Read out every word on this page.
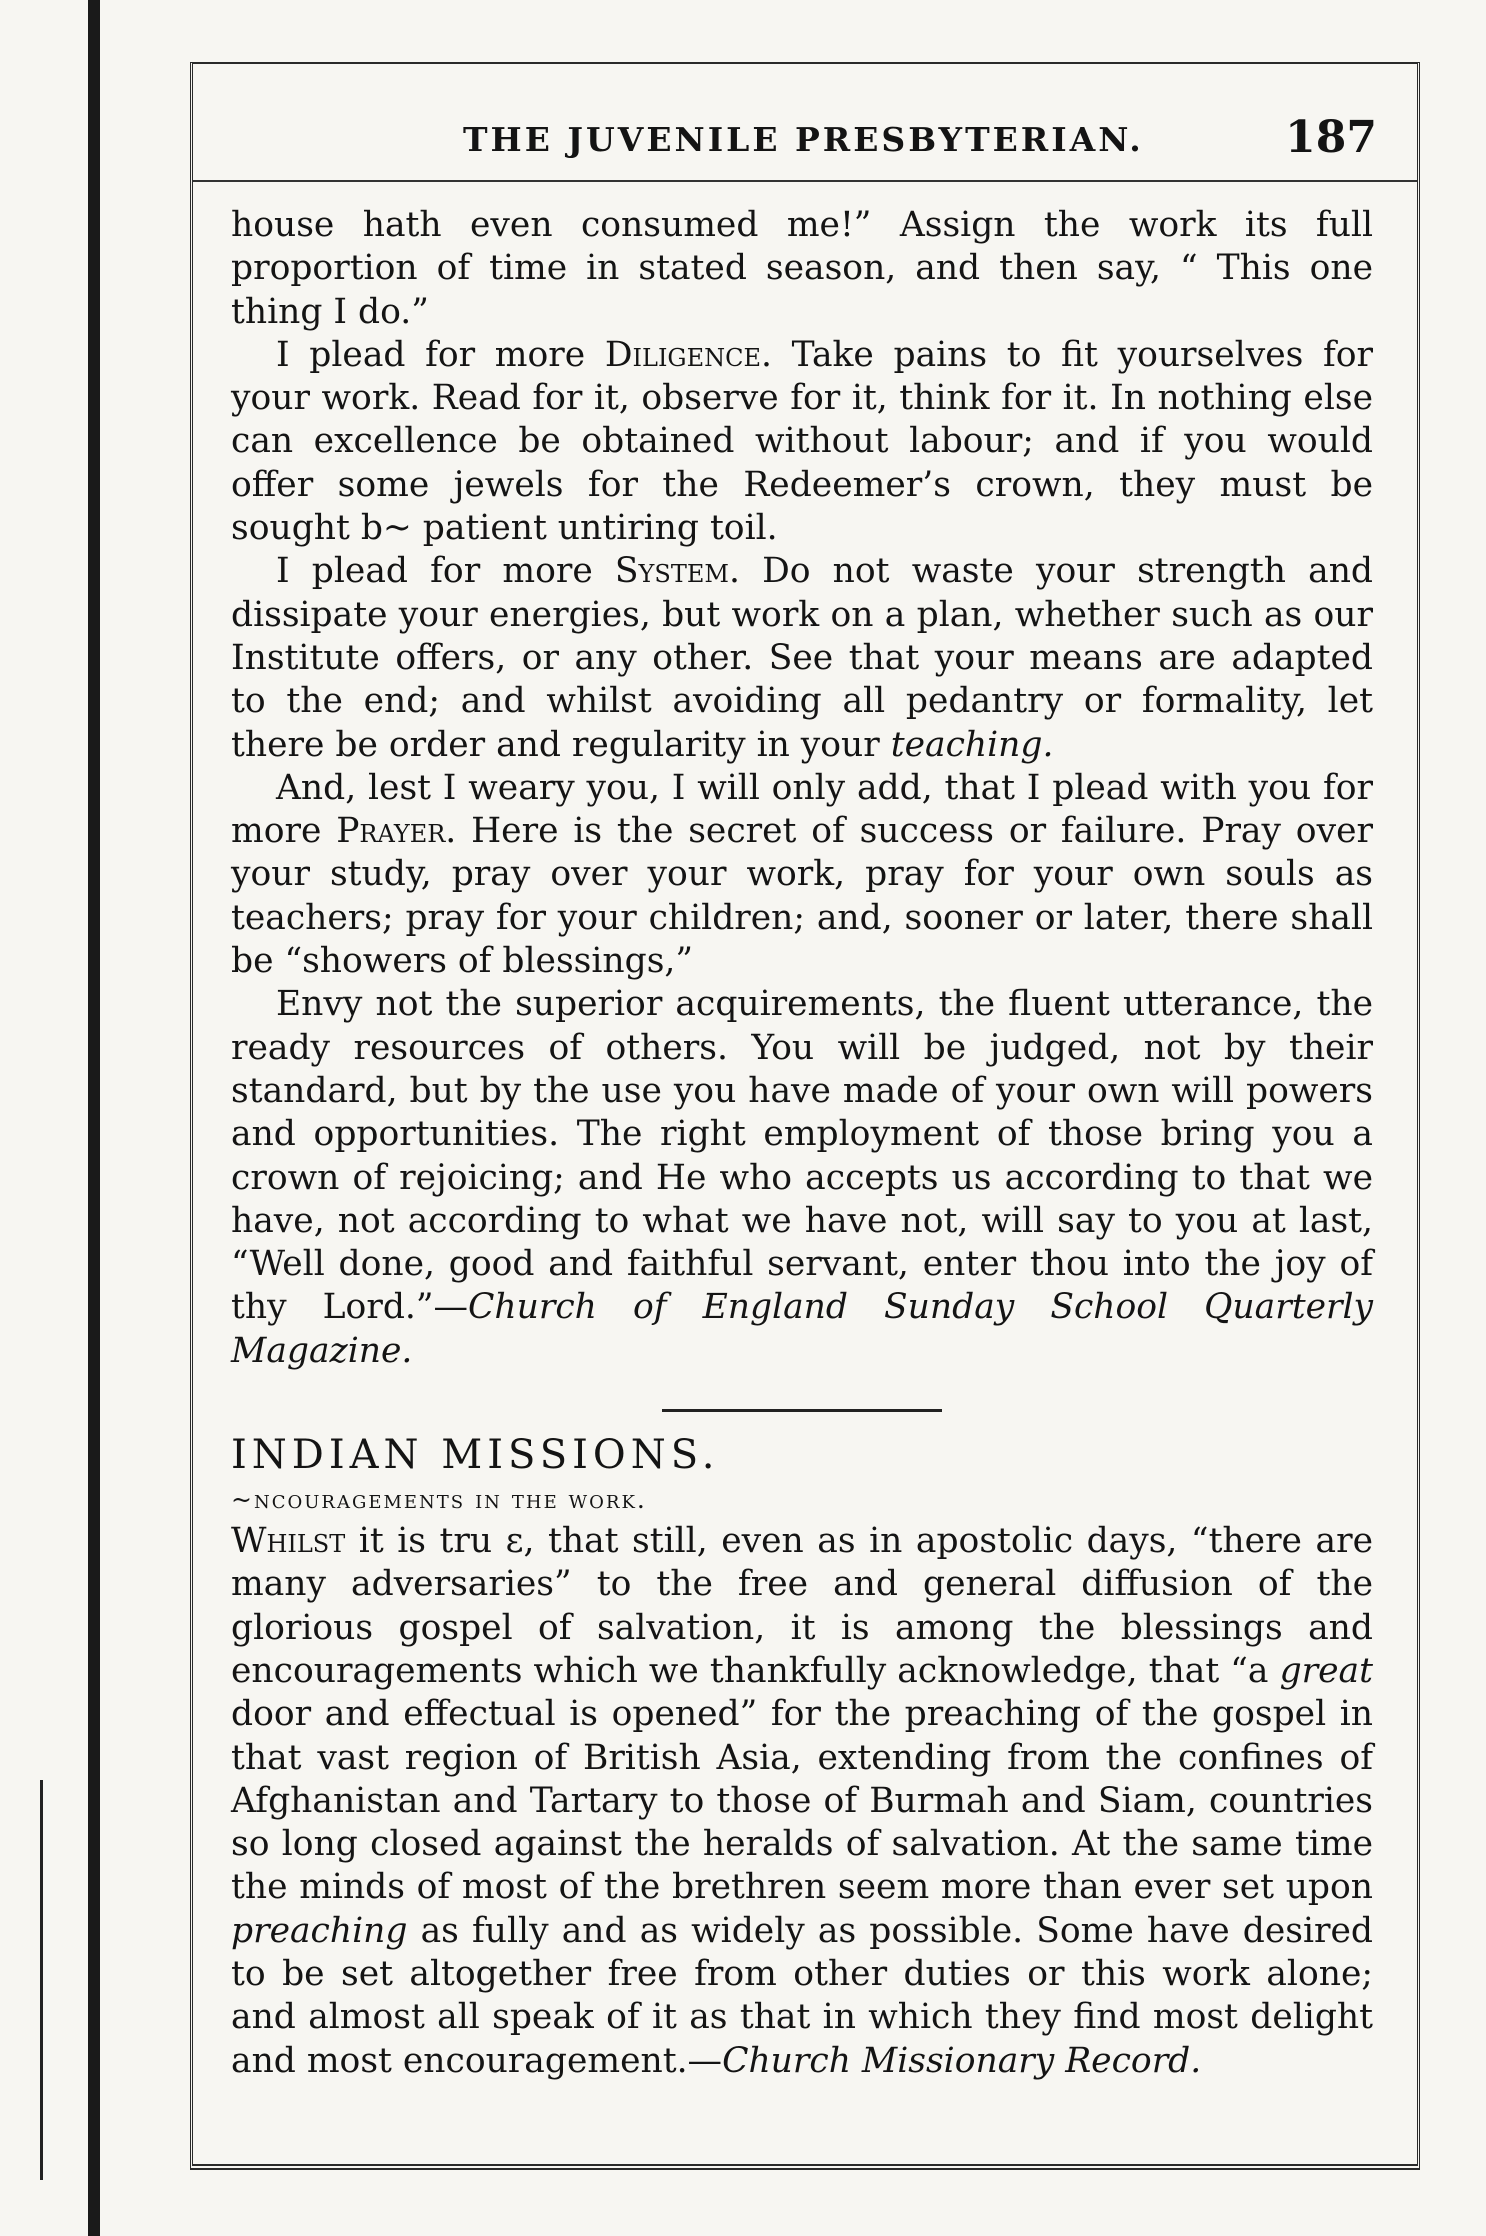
THE JUVENILE PRESBYTERIAN.	187

house hath even consumed me!” Assign the work its full proportion of time in stated season, and then say, “ This one thing I do.”

I plead for more Diligence. Take pains to fit yourselves for your work. Read for it, observe for it, think for it. In nothing else can excellence be obtained without labour; and if you would offer some jewels for the Redeemer’s crown, they must be sought b~ patient untiring toil.

I plead for more System. Do not waste your strength and dissipate your energies, but work on a plan, whether such as our Institute offers, or any other. See that your means are adapted to the end; and whilst avoiding all pedantry or formality, let there be order and regularity in your teaching.

And, lest I weary you, I will only add, that I plead with you for more Prayer. Here is the secret of success or failure. Pray over your study, pray over your work, pray for your own souls as teachers; pray for your children; and, sooner or later, there shall be “showers of blessings,”

Envy not the superior acquirements, the fluent utterance, the ready resources of others. You will be judged, not by their standard, but by the use you have made of your own will powers and opportunities. The right employment of those bring you a crown of rejoicing; and He who accepts us according to that we have, not according to what we have not, will say to you at last, “Well done, good and faithful servant, enter thou into the joy of thy Lord.”—Church of England Sunday School Quarterly Magazine.

INDIAN MISSIONS.

~ncouragements in the work.

Whilst it is tru ε, that still, even as in apostolic days, “there are many adversaries” to the free and general diffusion of the glorious gospel of salvation, it is among the blessings and encouragements which we thankfully acknowledge, that “a great door and effectual is opened” for the preaching of the gospel in that vast region of British Asia, extending from the confines of Afghanistan and Tartary to those of Burmah and Siam, countries so long closed against the heralds of salvation. At the same time the minds of most of the brethren seem more than ever set upon preaching as fully and as widely as possible. Some have desired to be set altogether free from other duties or this work alone; and almost all speak of it as that in which they find most delight and most encouragement.—Church Missionary Record.
